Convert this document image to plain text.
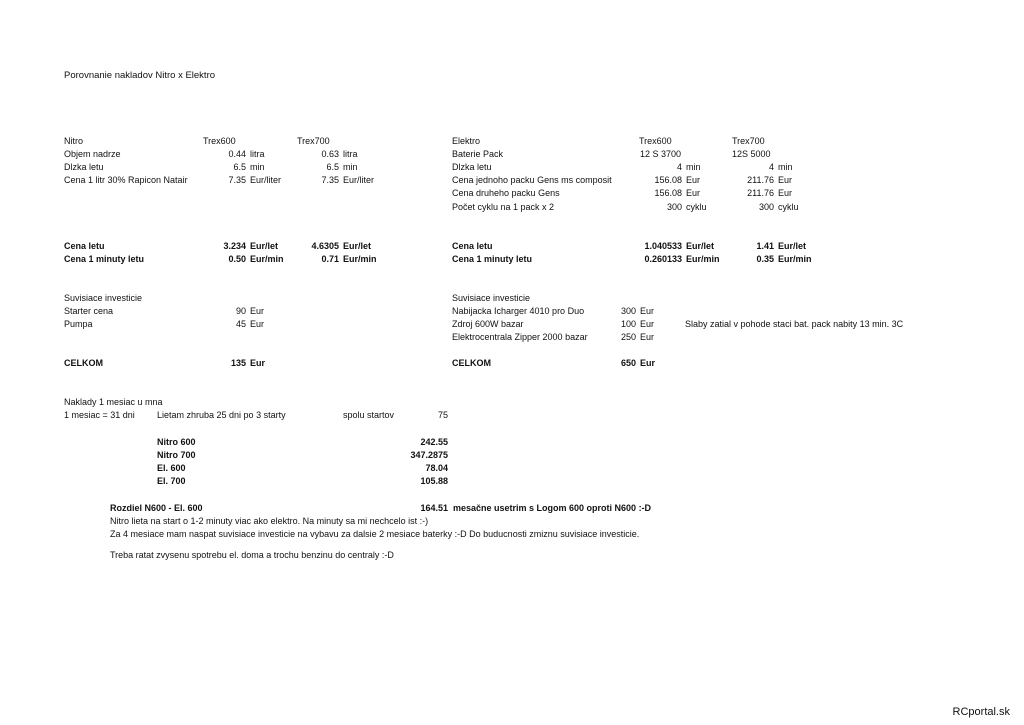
Porovnanie nakladov Nitro x Elektro
Nitro	Trex600	Trex700
Objem nadrze	0.44 litra	0.63 litra
Dlzka letu	6.5 min	6.5 min
Cena 1 litr 30% Rapicon Natair	7.35 Eur/liter	7.35 Eur/liter
Cena letu	3.234 Eur/let	4.6305 Eur/let
Cena 1 minuty letu	0.50 Eur/min	0.71 Eur/min
Suvisiace investicie
Starter cena	90 Eur
Pumpa	45 Eur
CELKOM	135 Eur
Elektro	Trex600	Trex700
Baterie Pack	12 S 3700	12S 5000
Dlzka letu	4 min	4 min
Cena jednoho packu Gens ms composit	156.08 Eur	211.76 Eur
Cena druheho packu Gens	156.08 Eur	211.76 Eur
Počet cyklu na 1 pack x 2	300 cyklu	300 cyklu
Cena letu	1.040533 Eur/let	1.41 Eur/let
Cena 1 minuty letu	0.260133 Eur/min	0.35 Eur/min
Suvisiace investicie
Nabijacka Icharger 4010 pro Duo	300 Eur
Zdroj 600W bazar	100 Eur	Slaby zatial v pohode staci bat. pack nabity 13 min. 3C
Elektrocentrala Zipper 2000 bazar	250 Eur
CELKOM	650 Eur
Naklady 1 mesiac u mna
1 mesiac = 31 dni Lietam zhruba 25 dni po 3 starty	spolu startov	75
Nitro 600	242.55
Nitro 700	347.2875
El. 600	78.04
El. 700	105.88
Rozdiel N600 - El. 600	164.51 mesačne usetrim s Logom 600 oproti N600 :-D
Nitro lieta na start o 1-2 minuty viac ako elektro. Na minuty sa mi nechcelo ist :-)
Za 4 mesiace mam naspat suvisiace investicie na vybavu za dalsie 2 mesiace baterky :-D Do buducnosti zmiznu suvisiace investicie.
Treba ratat zvysenu spotrebu el. doma a trochu benzinu do centraly :-D
RCportal.sk
